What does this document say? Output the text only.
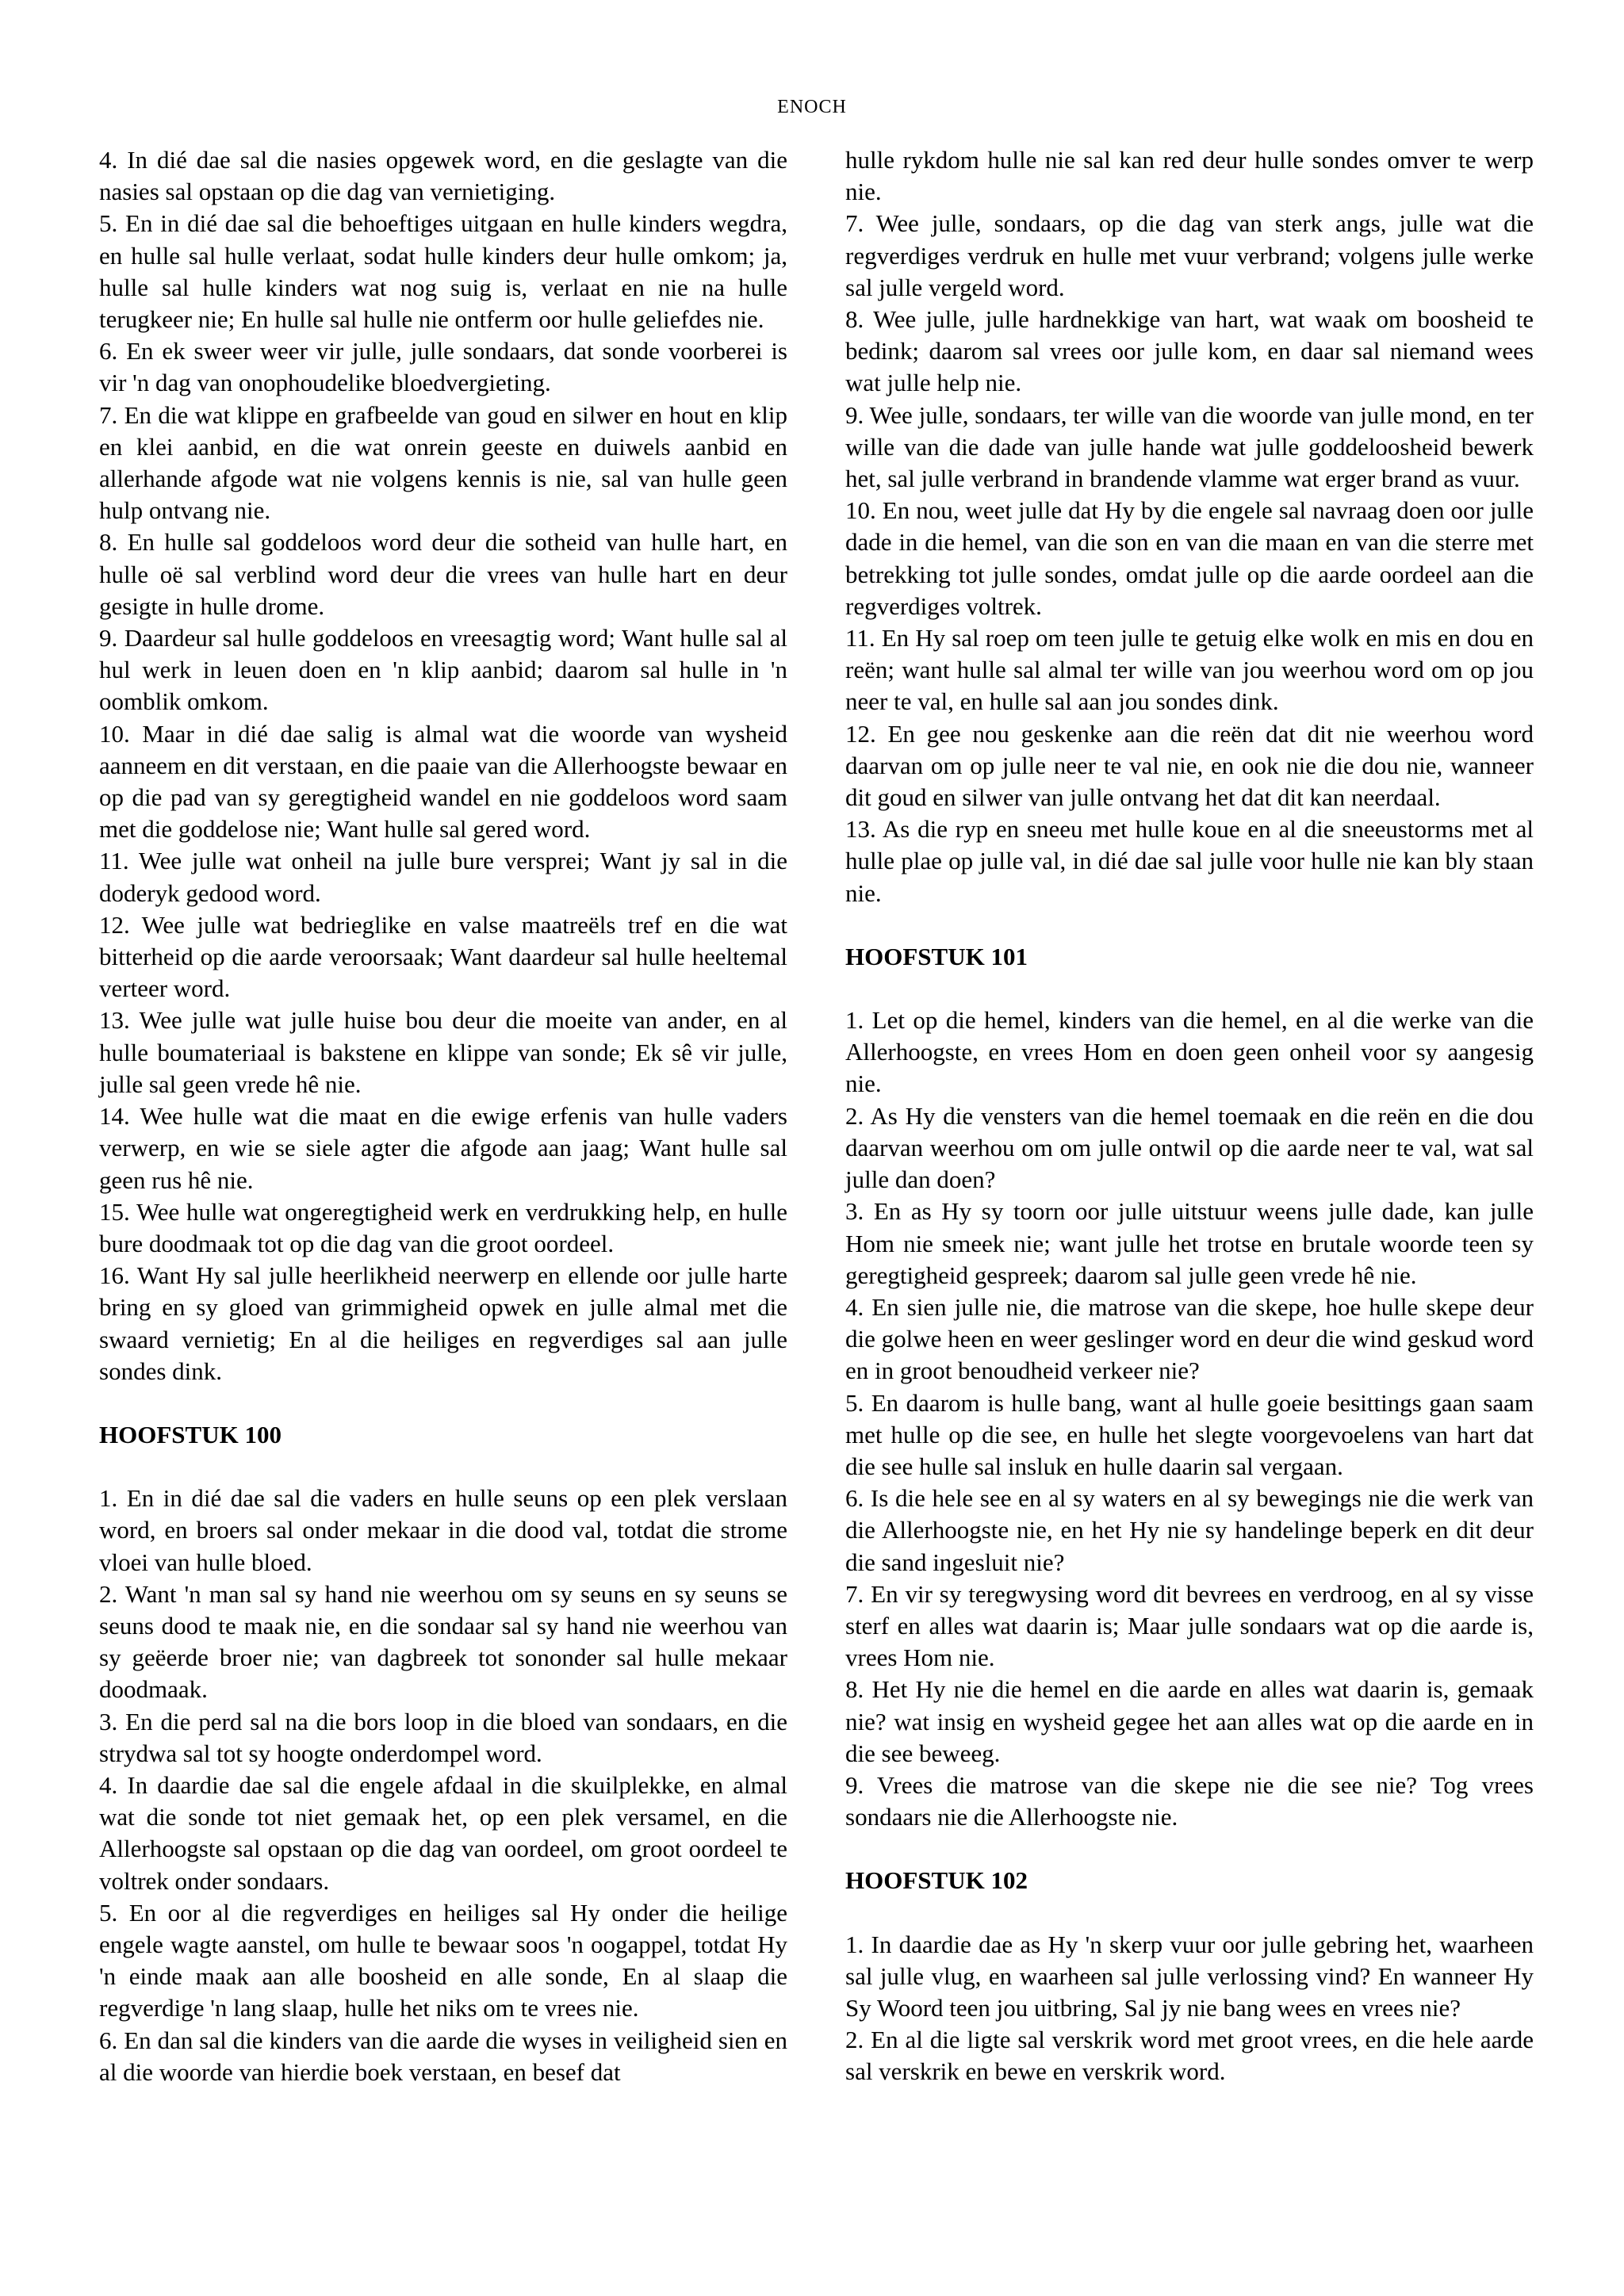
ENOCH

4. In dié dae sal die nasies opgewek word, en die geslagte van die nasies sal opstaan op die dag van vernietiging.

5. En in dié dae sal die behoeftiges uitgaan en hulle kinders wegdra, en hulle sal hulle verlaat, sodat hulle kinders deur hulle omkom; ja, hulle sal hulle kinders wat nog suig is, verlaat en nie na hulle terugkeer nie; En hulle sal hulle nie ontferm oor hulle geliefdes nie.

6. En ek sweer weer vir julle, julle sondaars, dat sonde voorberei is vir 'n dag van onophoudelike bloedvergieting.

7. En die wat klippe en grafbeelde van goud en silwer en hout en klip en klei aanbid, en die wat onrein geeste en duiwels aanbid en allerhande afgode wat nie volgens kennis is nie, sal van hulle geen hulp ontvang nie.

8. En hulle sal goddeloos word deur die sotheid van hulle hart, en hulle oë sal verblind word deur die vrees van hulle hart en deur gesigte in hulle drome.

9. Daardeur sal hulle goddeloos en vreesagtig word; Want hulle sal al hul werk in leuen doen en 'n klip aanbid; daarom sal hulle in 'n oomblik omkom.

10. Maar in dié dae salig is almal wat die woorde van wysheid aanneem en dit verstaan, en die paaie van die Allerhoogste bewaar en op die pad van sy geregtigheid wandel en nie goddeloos word saam met die goddelose nie; Want hulle sal gered word.

11. Wee julle wat onheil na julle bure versprei; Want jy sal in die doderyk gedood word.

12. Wee julle wat bedrieglike en valse maatreëls tref en die wat bitterheid op die aarde veroorsaak; Want daardeur sal hulle heeltemal verteer word.

13. Wee julle wat julle huise bou deur die moeite van ander, en al hulle boumateriaal is bakstene en klippe van sonde; Ek sê vir julle, julle sal geen vrede hê nie.

14. Wee hulle wat die maat en die ewige erfenis van hulle vaders verwerp, en wie se siele agter die afgode aan jaag; Want hulle sal geen rus hê nie.

15. Wee hulle wat ongeregtigheid werk en verdrukking help, en hulle bure doodmaak tot op die dag van die groot oordeel.

16. Want Hy sal julle heerlikheid neerwerp en ellende oor julle harte bring en sy gloed van grimmigheid opwek en julle almal met die swaard vernietig; En al die heiliges en regverdiges sal aan julle sondes dink.

HOOFSTUK 100

1. En in dié dae sal die vaders en hulle seuns op een plek verslaan word, en broers sal onder mekaar in die dood val, totdat die strome vloei van hulle bloed.

2. Want 'n man sal sy hand nie weerhou om sy seuns en sy seuns se seuns dood te maak nie, en die sondaar sal sy hand nie weerhou van sy geëerde broer nie; van dagbreek tot sononder sal hulle mekaar doodmaak.

3. En die perd sal na die bors loop in die bloed van sondaars, en die strydwa sal tot sy hoogte onderdompel word.

4. In daardie dae sal die engele afdaal in die skuilplekke, en almal wat die sonde tot niet gemaak het, op een plek versamel, en die Allerhoogste sal opstaan op die dag van oordeel, om groot oordeel te voltrek onder sondaars.

5. En oor al die regverdiges en heiliges sal Hy onder die heilige engele wagte aanstel, om hulle te bewaar soos 'n oogappel, totdat Hy 'n einde maak aan alle boosheid en alle sonde, En al slaap die regverdige 'n lang slaap, hulle het niks om te vrees nie.

6. En dan sal die kinders van die aarde die wyses in veiligheid sien en al die woorde van hierdie boek verstaan, en besef dat

hulle rykdom hulle nie sal kan red deur hulle sondes omver te werp nie.

7. Wee julle, sondaars, op die dag van sterk angs, julle wat die regverdiges verdruk en hulle met vuur verbrand; volgens julle werke sal julle vergeld word.

8. Wee julle, julle hardnekkige van hart, wat waak om boosheid te bedink; daarom sal vrees oor julle kom, en daar sal niemand wees wat julle help nie.

9. Wee julle, sondaars, ter wille van die woorde van julle mond, en ter wille van die dade van julle hande wat julle goddeloosheid bewerk het, sal julle verbrand in brandende vlamme wat erger brand as vuur.

10. En nou, weet julle dat Hy by die engele sal navraag doen oor julle dade in die hemel, van die son en van die maan en van die sterre met betrekking tot julle sondes, omdat julle op die aarde oordeel aan die regverdiges voltrek.

11. En Hy sal roep om teen julle te getuig elke wolk en mis en dou en reën; want hulle sal almal ter wille van jou weerhou word om op jou neer te val, en hulle sal aan jou sondes dink.

12. En gee nou geskenke aan die reën dat dit nie weerhou word daarvan om op julle neer te val nie, en ook nie die dou nie, wanneer dit goud en silwer van julle ontvang het dat dit kan neerdaal.

13. As die ryp en sneeu met hulle koue en al die sneeustorms met al hulle plae op julle val, in dié dae sal julle voor hulle nie kan bly staan nie.

HOOFSTUK 101

1. Let op die hemel, kinders van die hemel, en al die werke van die Allerhoogste, en vrees Hom en doen geen onheil voor sy aangesig nie.

2. As Hy die vensters van die hemel toemaak en die reën en die dou daarvan weerhou om om julle ontwil op die aarde neer te val, wat sal julle dan doen?

3. En as Hy sy toorn oor julle uitstuur weens julle dade, kan julle Hom nie smeek nie; want julle het trotse en brutale woorde teen sy geregtigheid gespreek; daarom sal julle geen vrede hê nie.

4. En sien julle nie, die matrose van die skepe, hoe hulle skepe deur die golwe heen en weer geslinger word en deur die wind geskud word en in groot benoudheid verkeer nie?

5. En daarom is hulle bang, want al hulle goeie besittings gaan saam met hulle op die see, en hulle het slegte voorgevoelens van hart dat die see hulle sal insluk en hulle daarin sal vergaan.

6. Is die hele see en al sy waters en al sy bewegings nie die werk van die Allerhoogste nie, en het Hy nie sy handelinge beperk en dit deur die sand ingesluit nie?

7. En vir sy teregwysing word dit bevrees en verdroog, en al sy visse sterf en alles wat daarin is; Maar julle sondaars wat op die aarde is, vrees Hom nie.

8. Het Hy nie die hemel en die aarde en alles wat daarin is, gemaak nie? wat insig en wysheid gegee het aan alles wat op die aarde en in die see beweeg.

9. Vrees die matrose van die skepe nie die see nie? Tog vrees sondaars nie die Allerhoogste nie.

HOOFSTUK 102

1. In daardie dae as Hy 'n skerp vuur oor julle gebring het, waarheen sal julle vlug, en waarheen sal julle verlossing vind? En wanneer Hy Sy Woord teen jou uitbring, Sal jy nie bang wees en vrees nie?

2. En al die ligte sal verskrik word met groot vrees, en die hele aarde sal verskrik en bewe en verskrik word.
